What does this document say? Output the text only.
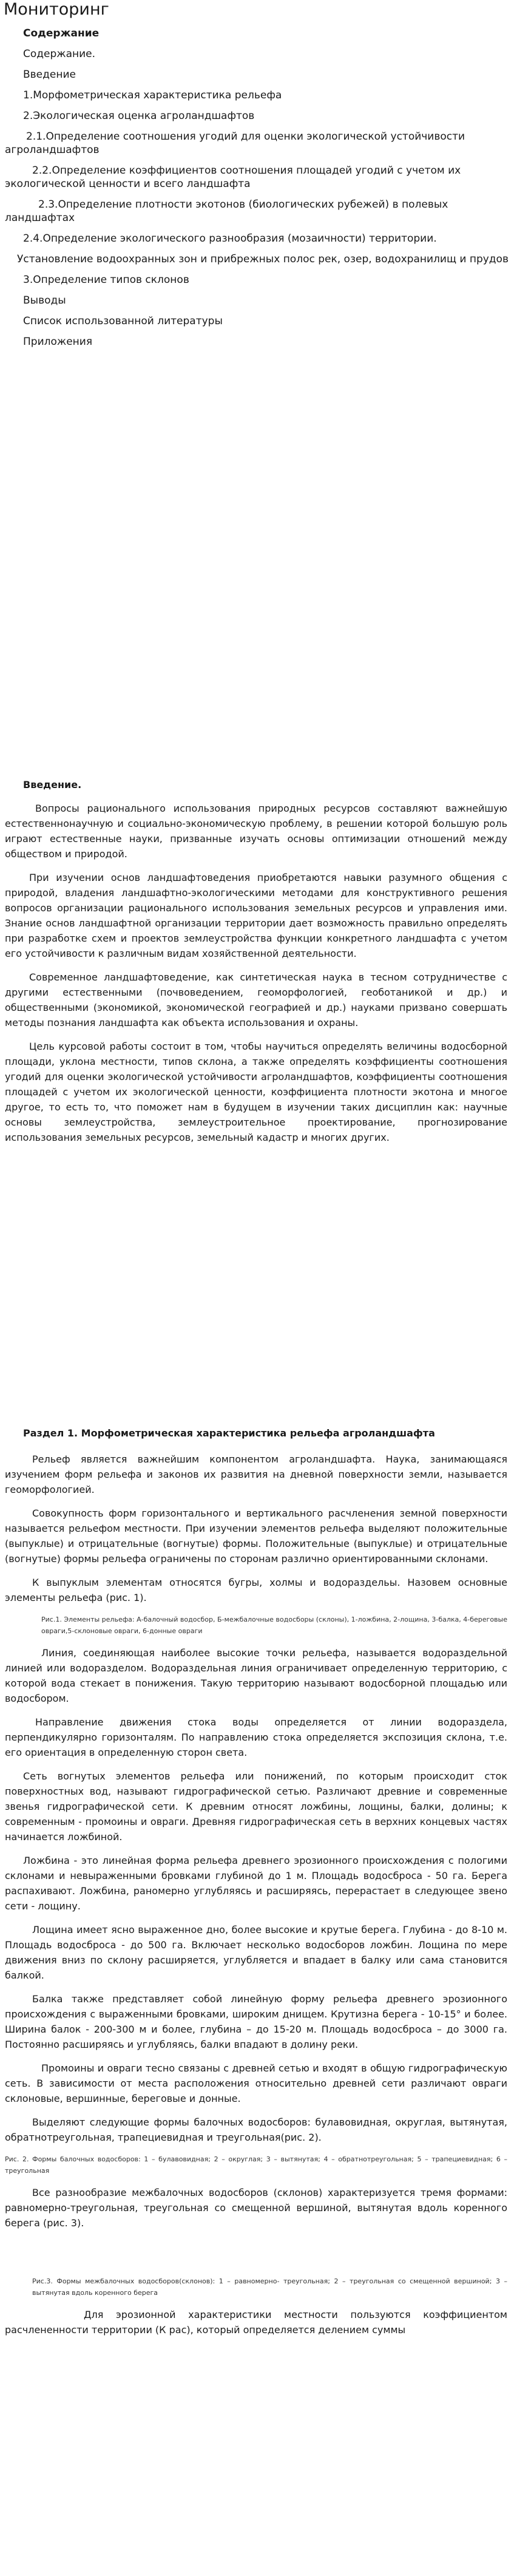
Мониторинг

Содержание

Содержание.

Введение

1.Морфометрическая характеристика рельефа

2.Экологическая оценка агроландшафтов

2.1.Определение соотношения угодий для оценки экологической устойчивости агроландшафтов

2.2.Определение коэффициентов соотношения площадей угодий с учетом их экологической ценности и всего ландшафта

2.3.Определение плотности экотонов (биологических рубежей) в полевых ландшафтах

2.4.Определение экологического разнообразия (мозаичности) территории.

Установление водоохранных зон и прибрежных полос рек, озер, водохранилищ и прудов

3.Определение типов склонов

Выводы

Список использованной литературы

Приложения

Введение.

Вопросы рационального использования природных ресурсов составляют важнейшую естественнонаучную и социально-экономическую проблему, в решении которой большую роль играют естественные науки, призванные изучать основы оптимизации отношений между обществом и природой.

При изучении основ ландшафтоведения приобретаются навыки разумного общения с природой, владения ландшафтно-экологическими методами для конструктивного решения вопросов организации рационального использования земельных ресурсов и управления ими. Знание основ ландшафтной организации территории дает возможность правильно определять при разработке схем и проектов землеустройства функции конкретного ландшафта с учетом его устойчивости к различным видам хозяйственной деятельности.

Современное ландшафтоведение, как синтетическая наука в тесном сотрудничестве с другими естественными (почвоведением, геоморфологией, геоботаникой и др.) и общественными (экономикой, экономической географией и др.) науками призвано совершать методы познания ландшафта как объекта использования и охраны.

Цель курсовой работы состоит в том, чтобы научиться определять величины водосборной площади, уклона местности, типов склона, а также определять коэффициенты соотношения угодий для оценки экологической устойчивости агроландшафтов, коэффициенты соотношения площадей с учетом их экологической ценности, коэффициента плотности экотона и многое другое, то есть то, что поможет нам в будущем в изучении таких дисциплин как: научные основы землеустройства, землеустроительное проектирование, прогнозирование использования земельных ресурсов, земельный кадастр и многих других.

Раздел 1. Морфометрическая характеристика рельефа агроландшафта

Рельеф является важнейшим компонентом агроландшафта. Наука, занимающаяся изучением форм рельефа и законов их развития на дневной поверхности земли, называется геоморфологией.

Совокупность форм горизонтального и вертикального расчленения земной поверхности называется рельефом местности. При изучении элементов рельефа выделяют положительные (выпуклые) и отрицательные (вогнутые) формы. Положительные (выпуклые) и отрицательные (вогнутые) формы рельефа ограничены по сторонам различно ориентированными склонами.

К выпуклым элементам относятся бугры, холмы и водораздельы. Назовем основные элементы рельефа (рис. 1).

Рис.1. Элементы рельефа: А-балочный водосбор, Б-межбалочные водосборы (склоны), 1-ложбина, 2-лощина, 3-балка, 4-береговые овраги,5-склоновые овраги, 6-донные овраги

Линия, соединяющая наиболее высокие точки рельефа, называется водораздельной линией или водоразделом. Водораздельная линия ограничивает определенную территорию, с которой вода стекает в понижения. Такую территорию называют водосборной площадью или водосбором.

Направление движения стока воды определяется от линии водораздела, перпендикулярно горизонталям. По направлению стока определяется экспозиция склона, т.е. его ориентация в определенную сторон света.

Сеть вогнутых элементов рельефа или понижений, по которым происходит сток поверхностных вод, называют гидрографической сетью. Различают древние и современные звенья гидрографической сети. К древним относят ложбины, лощины, балки, долины; к современным - промоины и овраги. Древняя гидрографическая сеть в верхних концевых частях начинается ложбиной.

Ложбина - это линейная форма рельефа древнего эрозионного происхождения с пологими склонами и невыраженными бровками глубиной до 1 м. Площадь водосброса - 50 га. Берега распахивают. Ложбина, раномерно углубляясь и расширяясь, перерастает в следующее звено сети - лощину.

Лощина имеет ясно выраженное дно, более высокие и крутые берега. Глубина - до 8-10 м. Площадь водосброса - до 500 га. Включает несколько водосборов ложбин. Лощина по мере движения вниз по склону расширяется, углубляется и впадает в балку или сама становится балкой.

Балка также представляет собой линейную форму рельефа древнего эрозионного происхождения с выраженными бровками, широким днищем. Крутизна берега - 10-15° и более. Ширина балок - 200-300 м и более, глубина – до 15-20 м. Площадь водосброса – до 3000 га. Постоянно расширяясь и углубляясь, балки впадают в долину реки.

Промоины и овраги тесно связаны с древней сетью и входят в общую гидрографическую сеть. В зависимости от места расположения относительно древней сети различают овраги склоновые, вершинные, береговые и донные.

Выделяют следующие формы балочных водосборов: булавовидная, округлая, вытянутая, обратнотреугольная, трапециевидная и треугольная(рис. 2).

Рис. 2. Формы балочных водосборов: 1 – булавовидная; 2 – округлая; 3 – вытянутая; 4 – обратнотреугольная; 5 – трапециевидная; 6 – треугольная

Все разнообразие межбалочных водосборов (склонов) характеризуется тремя формами: равномерно-треугольная, треугольная со смещенной вершиной, вытянутая вдоль коренного берега (рис. 3).

Рис.3. Формы межбалочных водосборов(склонов): 1 – равномерно- треугольная; 2 – треугольная со смещенной вершиной; 3 –вытянутая вдоль коренного берега

Для эрозионной характеристики местности пользуются коэффициентом расчлененности территории (К рас), который определяется делением суммы
